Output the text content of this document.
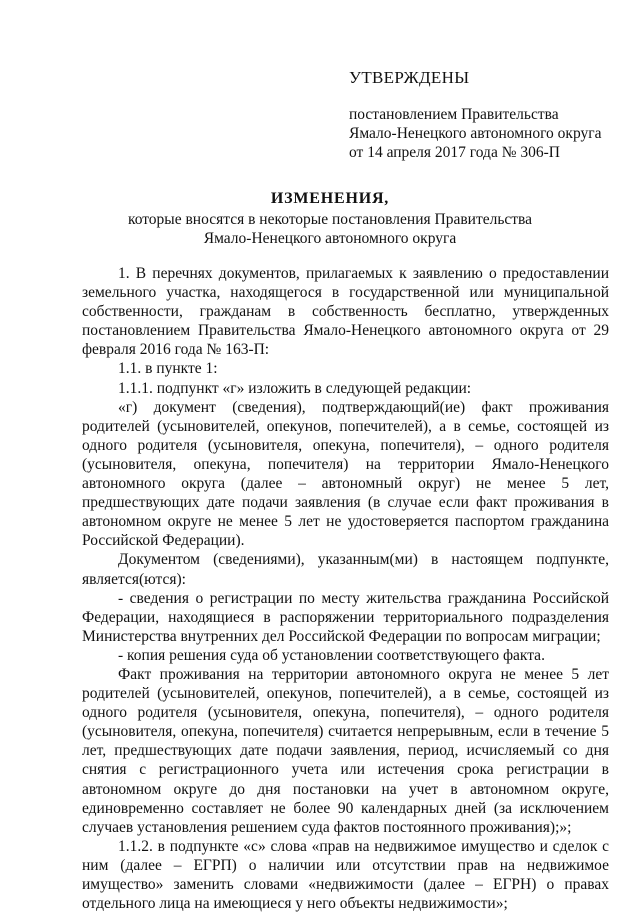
УТВЕРЖДЕНЫ
постановлением Правительства
Ямало-Ненецкого автономного округа
от 14 апреля 2017 года № 306-П
ИЗМЕНЕНИЯ,
которые вносятся в некоторые постановления Правительства
Ямало-Ненецкого автономного округа

1. В перечнях документов, прилагаемых к заявлению о предоставлении земельного участка, находящегося в государственной или муниципальной собственности, гражданам в собственность бесплатно, утвержденных постановлением Правительства Ямало-Ненецкого автономного округа от 29 февраля 2016 года № 163-П:

1.1. в пункте 1:

1.1.1. подпункт «г» изложить в следующей редакции:

«г) документ (сведения), подтверждающий(ие) факт проживания родителей (усыновителей, опекунов, попечителей), а в семье, состоящей из одного родителя (усыновителя, опекуна, попечителя), – одного родителя (усыновителя, опекуна, попечителя) на территории Ямало-Ненецкого автономного округа (далее – автономный округ) не менее 5 лет, предшествующих дате подачи заявления (в случае если факт проживания в автономном округе не менее 5 лет не удостоверяется паспортом гражданина Российской Федерации).

Документом (сведениями), указанным(ми) в настоящем подпункте, является(ются):

- сведения о регистрации по месту жительства гражданина Российской Федерации, находящиеся в распоряжении территориального подразделения Министерства внутренних дел Российской Федерации по вопросам миграции;

- копия решения суда об установлении соответствующего факта.

Факт проживания на территории автономного округа не менее 5 лет родителей (усыновителей, опекунов, попечителей), а в семье, состоящей из одного родителя (усыновителя, опекуна, попечителя), – одного родителя (усыновителя, опекуна, попечителя) считается непрерывным, если в течение 5 лет, предшествующих дате подачи заявления, период, исчисляемый со дня снятия с регистрационного учета или истечения срока регистрации в автономном округе до дня постановки на учет в автономном округе, единовременно составляет не более 90 календарных дней (за исключением случаев установления решением суда фактов постоянного проживания);»;

1.1.2. в подпункте «с» слова «прав на недвижимое имущество и сделок с ним (далее – ЕГРП) о наличии или отсутствии прав на недвижимое имущество» заменить словами «недвижимости (далее – ЕГРН) о правах отдельного лица на имеющиеся у него объекты недвижимости»;
